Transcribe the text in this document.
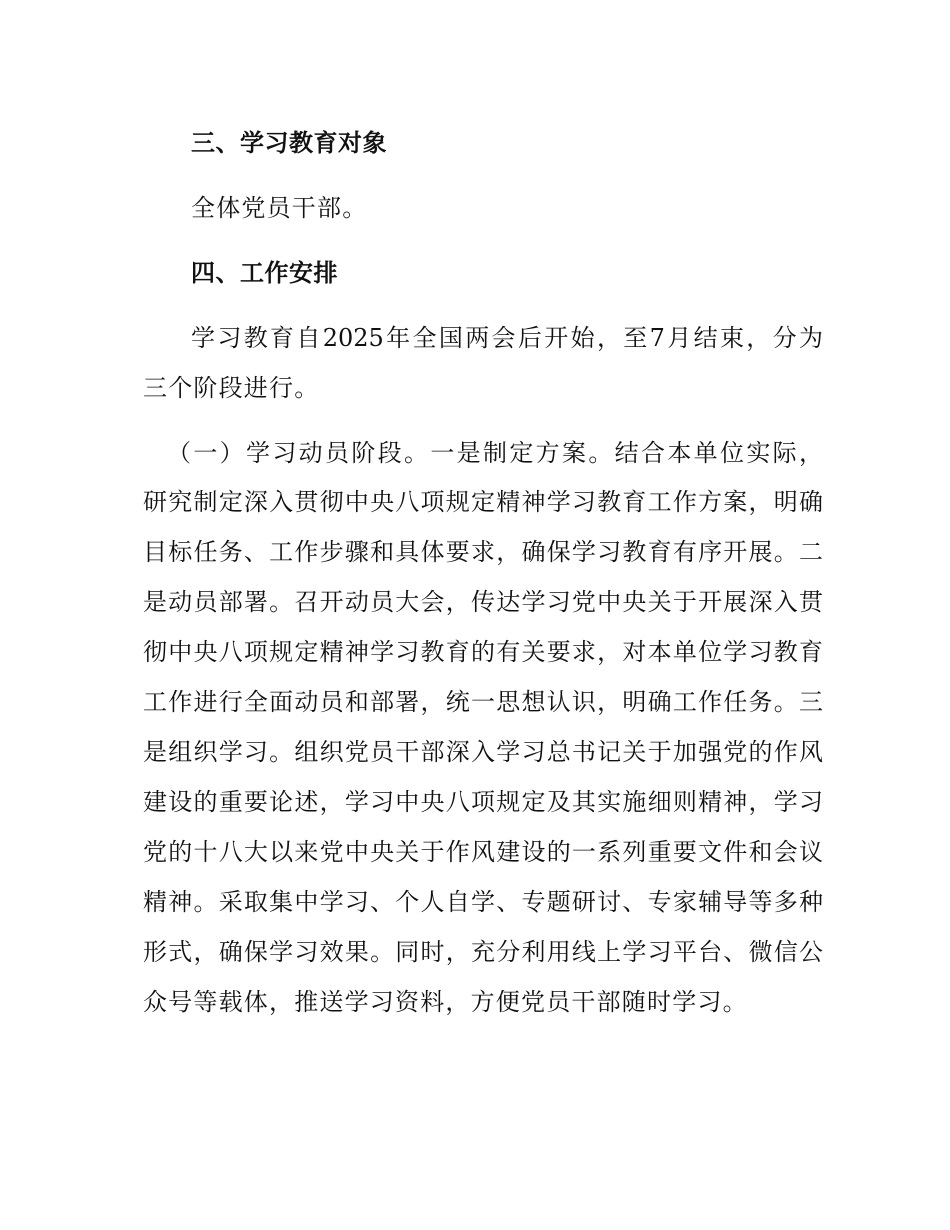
三、学习教育对象
全体党员干部。
四、工作安排
学习教育自2025年全国两会后开始，至7月结束，分为
三个阶段进行。
（一）学习动员阶段。一是制定方案。结合本单位实际，
研究制定深入贯彻中央八项规定精神学习教育工作方案，明确
目标任务、工作步骤和具体要求，确保学习教育有序开展。二
是动员部署。召开动员大会，传达学习党中央关于开展深入贯
彻中央八项规定精神学习教育的有关要求，对本单位学习教育
工作进行全面动员和部署，统一思想认识，明确工作任务。三
是组织学习。组织党员干部深入学习总书记关于加强党的作风
建设的重要论述，学习中央八项规定及其实施细则精神，学习
党的十八大以来党中央关于作风建设的一系列重要文件和会议
精神。采取集中学习、个人自学、专题研讨、专家辅导等多种
形式，确保学习效果。同时，充分利用线上学习平台、微信公
众号等载体，推送学习资料，方便党员干部随时学习。
